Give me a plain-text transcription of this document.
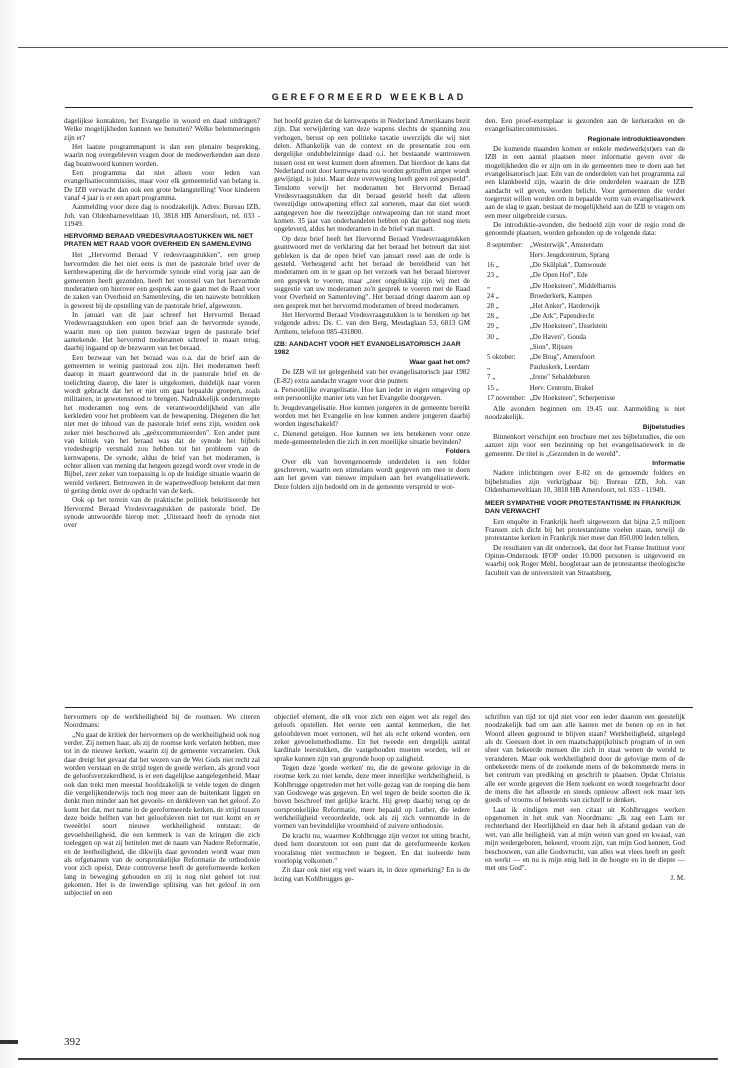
GEREFORMEERD WEEKBLAD

dagelijkse kontakten, het Evangelie in woord en daad uitdragen? Welke mogelijkheden kunnen we benutten? Welke belemmeringen zijn er?

Het laatste programmapunt is dan een plenaire bespreking, waarin nog overgebleven vragen door de medewerkenden aan deze dag beantwoord kunnen worden.

Een programma dat niet alleen voor leden van evangelisatiecommissies, maar voor elk gemeentelid van belang is. De IZB verwacht dan ook een grote belangstelling! Voor kinderen vanaf 4 jaar is er een apart programma.

Aanmelding voor deze dag is noodzakelijk. Adres: Bureau IZB, Joh. van Oldenbarneveltlaan 10, 3818 HB Amersfoort, tel. 033 - 11949.

HERVORMD BERAAD VREDESVRAAGSTUKKEN WIL NIET PRATEN MET RAAD VOOR OVERHEID EN SAMENLEVING

Het „Hervormd Beraad V redesvraagstukken", een groep hervormden die het niet eens is met de pastorale brief over de kernbewapening die de hervormde synode eind vorig jaar aan de gemeenten heeft gezonden, heeft het voorstel van het hervormde moderamen om hierover een gesprek aan te gaan met de Raad voor de zaken van Overheid en Samenleving, die ten nauwste betrokken is geweest bij de opstelling van de pastorale brief, afgewezen.

In januari van dit jaar schreef het Hervormd Beraad Vredesvraagstukken een open brief aan de hervormde synode, waarin men op tien punten bezwaar tegen de pastorale brief aantekende. Het hervormd moderamen schreef in maart terug, daarbij ingaand op de bezwaren van het beraad.

Een bezwaar van het beraad was o.a. dat de brief aan de gemeenten te weinig pastoraal zou zijn. Het moderamen heeft daarop in maart geantwoord dat in de pastorale brief en de toelichting daarop, die later is uitgekomen, duidelijk naar voren wordt gebracht dat het er niet om gaat bepaalde groepen, zoals militairen, in gewetensnood te brengen. Nadrukkelijk onderstreepte het moderamen nog eens de verantwoordelijkheid van alle kerkleden voor het probleem van de bewapening. Diegenen die het niet met de inhoud van de pastorale brief eens zijn, worden ook zeker niet beschouwd als „geëxcommunieerden". Een ander punt van kritiek van het beraad was dat de synode het bijbels vredesbegrip versmald zou hebben tot het probleem van de kernwapens. De synode, aldus de brief van het moderamen, is echter alleen van mening dat hetgeen gezegd wordt over vrede in de Bijbel, zeer zeker van toepassing is op de huidige situatie waarin de wereld verkeert. Betrouwen in de wapenwedloop betekent dat men té gering denkt over de opdracht van de kerk.

Ook op het terrein van de praktische politiek bekritiseerde het Hervormd Beraad Vredesvraagstukken de pastorale brief. De synode antwoordde hierop met: „Uiteraard heeft de synode niet over

het hoofd gezien dat de kernwapens in Nederland Amerikaans bezit zijn. Dat verwijdering van deze wapens slechts de spanning zou verhogen, berust op een politieke taxatie uwerzijds die wij niet delen. Afhankelijk van de context en de presentatie zou een dergelijke ondubbelzinnige daad o.i. het bestaande wantrouwen tussen oost en west kunnen doen afnemen. Dat hierdoor de kans dat Nederland ooit door kernwapens zou worden getroffen amper wordt gewijzigd, is juist. Maar deze overweging heeft geen rol gespeeld". Tenslotte verwijt het moderamen het Hervormd Beraad Vredesvraagstukken dat dit beraad gesteld heeft dat alleen tweezijdige ontwapening effect zal sorteren, maar dat niet wordt aangegeven hoe die tweezijdige ontwapening dan tot stand moet komen. 35 jaar van onderhandelen hebben op dat gebied nog niets opgeleverd, aldus het moderamen in de brief van maart.

Op deze brief heeft het Hervormd Beraad Vredesvraagstukken geantwoord met de verklaring dat het beraad het betreurt dat niet gebleken is dat de open brief van januari reeel aan de orde is gesteld. Verheugend acht het beraad de bereidheid van het moderamen om in te gaan op het verzoek van het beraad hierover een gesprek te voeren, maar „zeer ongelukkig zijn wij met de suggestie van uw moderamen zo'n gesprek te voeren met de Raad voor Overheid en Samenleving". Het beraad dringt daarom aan op een gesprek met het hervormd moderamen of breed moderamen.

Het Hervormd Beraad Vredesvraagstukken is te bereiken op het volgende adres: Ds. C. van den Berg, Mesdaglaan 53, 6813 GM Arnhem, telefoon 085-431800.

IZB: AANDACHT VOOR HET EVANGELISATORISCH JAAR 1982
Waar gaat het om?

De IZB wil ter gelegenheid van het evangelisatorisch jaar 1982 (E-82) extra aandacht vragen voor drie punten:

a. Persoonlijke evangelisatie. Hoe kan ieder in eigen omgeving op een persoonlijke manier iets van het Evangelie doorgeven.

b. Jeugdevangelisatie. Hoe kunnen jongeren in de gemeente bereikt worden met het Evangelie en hoe kunnen andere jongeren daarbij worden ingeschakeld?

c. Dienend getuigen. Hoe kunnen we iets betekenen voor onze mede-gemeenteleden die zich in een moeilijke situatie bevinden?

Folders

Over elk van bovengenoemde onderdelen is een folder geschreven, waarin een stimulans wordt gegeven om mee te doen aan het geven van nieuwe impulsen aan het evangelisatiewerk. Deze folders zijn bedoeld om in de gemeente verspreid te wor-

den. Een proef-exemplaar is gezonden aan de kerkeraden en de evangelisatiecommissies.

Regionale introduktieavonden

De komende maanden komen er enkele medewerk(st)ers van de IZB in een aantal plaatsen meer informatie geven over de mogelijkheden die er zijn om in de gemeenten mee te doen aan het evangelisatorisch jaar. Eén van de onderdelen van het programma zal een klankbeeld zijn, waarin de drie onderdelen waaraan de IZB aandacht wil geven, worden belicht. Voor gemeenten die verder toegerust willen worden om in bepaalde vorm van evangelisatiewerk aan de slag te gaan, bestaat de mogelijkheid aan de IZB te vragen om een meer uitgebreide cursus.

De introduktie-avonden, die bedoeld zijn voor de regio rond de genoemde plaatsen, worden gehouden op de volgende data:

8 september:	„Westerwijk", Amsterdam
	Herv. Jeugdcentrum, Sprang
16 „	„De Skûlplak", Damwoude
23 „	„De Open Hof", Ede
„	„De Hoeksteen", Middelharnis
24 „	Broederkerk, Kampen
28 „	„Het Anker", Harderwijk
28 „	„De Ark", Papendrecht
29 „	„De Hoeksteen", IJsselstein
30 „	„De Haven", Gouda
	„Sion", Rijssen
5 oktober:	„De Brug", Amersfoort
„	Pauluskerk, Leerdam
7 „	„Irene" Sebaldeburen
15 „	Herv. Centrum, Brakel
17 november:	„De Hoeksteen", Scherpenisse

Alle avonden beginnen om 19.45 uur. Aanmelding is niet noodzakelijk.

Bijbelstudies

Binnenkort verschijnt een brochure met zes bijbelstudies, die een aanzet zijn voor een bezinning op het evangelisatiewerk in de gemeente. De titel is „Gezonden in de wereld".

Informatie

Nadere inlichtingen over E-82 en de genoemde folders en bijbelstudies zijn verkrijgbaar bij: Bureau IZB, Joh. van Oldenbarneveltlaan 10, 3818 HB Amersfoort, tel. 033 - 11949.

MEER SYMPATHIE VOOR PROTESTANTISME IN FRANKRIJK DAN VERWACHT

Een enquête in Frankrijk heeft uitgewezen dat bijna 2,5 miljoen Fransen zich dicht bij het protestantisme voelen staan, terwijl de protestantse kerken in Frankrijk niet meer dan 850.000 leden tellen.

De resultaten van dit onderzoek, dat door het Franse Instituut voor Opinie-Onderzoek IFOP onder 10.000 personen is uitgevoerd en waarbij ook Roger Mehl, hoogleraar aan de protestantse theologische faculteit van de universiteit van Straatsburg,

hervormers op de werkheiligheid bij de roomsen. We citeren Noordmans:

„Nu gaat de kritiek der hervormers op de werkheiligheid ook nog verder. Zij nemen haar, als zij de roomse kerk verlaten hebben, mee tot in de nieuwe kerken, waarin zij de gemeente verzamelen. Ook daar dreigt het gevaar dat het wezen van de Wet Gods niet recht zal worden verstaan en de strijd tegen de goede werken, als grond voor de geloofsverzekerdheid, is er een dagelijkse aangelegenheid. Maar ook dan trekt men meestal hoofdzakelijk te velde tegen de dingen die vergelijkenderwijs toch nog meer aan de buitenkant liggen en denkt men minder aan het gevoels- en denkleven van het geloof. Zo komt het dat, met name in de gereformeerde kerken, de strijd tussen deze beide helften van het geloofsleven niet tot rust komt en er tweeërlei soort nieuwe werkheiligheid ontstaat: de gevoelsheiligheid, die een kenmerk is van de kringen die zich toeleggen op wat zij betitelen met de naam van Nadere Reformatie, en de leerheiligheid, die dikwijls daar gevonden wordt waar men als erfgenamen van de oorspronkelijke Reformatie de orthodoxie voor zich opeist. Deze controverse heeft de gereformeerde kerken lang in beweging gehouden en zij is nog niet geheel tot rust gekomen. Het is de inwendige splitsing van het geloof in een subjectief en een

objectief element, die elk voor zich een eigen wet als regel des geloofs opstellen. Het eerste een aantal kenmerken, die het geloofsleven moet vertonen, wil het als echt erkend worden, een zeker gevoelsmethodisme. En het tweede een dergelijk aantal kardinale leerstukken, die vastgehouden moeten worden, wil er sprake kunnen zijn van gegronde hoop op zaligheid.

Tegen deze 'goede werken' nu, die de gewone gelovige in de roomse kerk zo niet kende, deze meer innerlijke werkheiligheid, is Kohlbrugge opgetreden met het volle gezag van de roeping die hem van Godswege was gegeven. En wel tegen de beide soorten die ik boven beschreef met gelijke kracht. Hij greep daarbij terug op de oorspronkelijke Reformatie, meer bepaald op Luther, die iedere werkheiligheid veroordeelde, ook als zij zich vermomde in de vormen van bevindelijke vroomheid of zuivere orthodoxie.

De kracht nu, waarmee Kohlbrugge zijn verzet tot uiting bracht, deed hem doorstoten tot een punt dat de gereformeerde kerken vooralsnog niet vermochten te begeen. En dat isoleerde hem voorlopig volkomen."

Zit daar ook niet erg veel waars in, in deze opmerking? En is de lezing van Kohlbrugges ge-

schriften van tijd tot tijd niet voor een ieder daarom een geestelijk noodzakelijk bad om aan alle kanten met de benen op en in het Woord alleen geground te blijven staan? Werkheiligheid, uitgelegd als dr. Geessen doet in een maatschappijkritisch program of in een sfeer van bekeerde mensen die zich in staat wenen de wereld te veranderen. Maar ook werkheiligheid door de gelovige mens of de onbekeerde mens of de zoekende mens of de bekommerde mens in het centrum van prediking en geschrift te plaatsen. Opdat Christus alle eer worde gegeven die Hem toekomt en wordt toegebracht door de mens die het afleerde en steeds opnieuw afleert ook maar iets goeds of vrooms of bekeerds van zichzelf te denken.

Laat ik eindigen met een citaat uit Kohlbrugges werken opgenomen in het stuk van Noordmans: „Ik zag een Lam ter rechterhand der Heerlijkheid en daar heb ik afstand gedaan van de wet, van alle heiligheid, van al mijn weten van goed en kwaad, van mijn wedergeboren, bekeerd, vroom zijn, van mijn God kennen, God beschouwen, van alle Godsvrucht, van alles wat vlees heeft en geeft en werkt — en nu is mijn enig heil in de hoogte en in de diepte — met ons God".

J. M.

392
